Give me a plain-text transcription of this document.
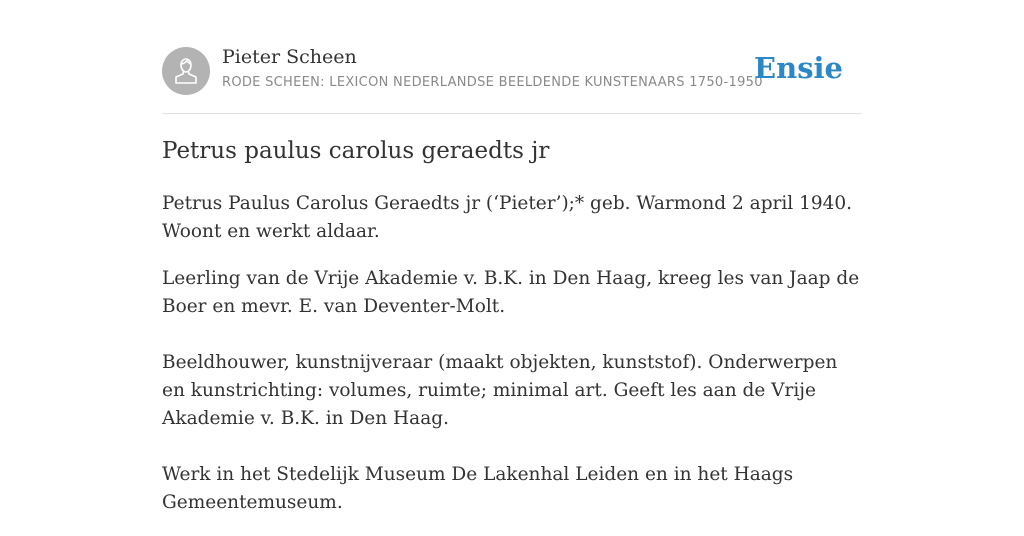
Pieter Scheen
RODE SCHEEN: LEXICON NEDERLANDSE BEELDENDE KUNSTENAARS 1750-1950
Ensie
Petrus paulus carolus geraedts jr

Petrus Paulus Carolus Geraedts jr (‘Pieter’);* geb. Warmond 2 april 1940. Woont en werkt aldaar.

Leerling van de Vrije Akademie v. B.K. in Den Haag, kreeg les van Jaap de Boer en mevr. E. van Deventer-Molt.

Beeldhouwer, kunstnijveraar (maakt objekten, kunststof). Onderwerpen en kunstrichting: volumes, ruimte; minimal art. Geeft les aan de Vrije Akademie v. B.K. in Den Haag.

Werk in het Stedelijk Museum De Lakenhal Leiden en in het Haags Gemeentemuseum.
